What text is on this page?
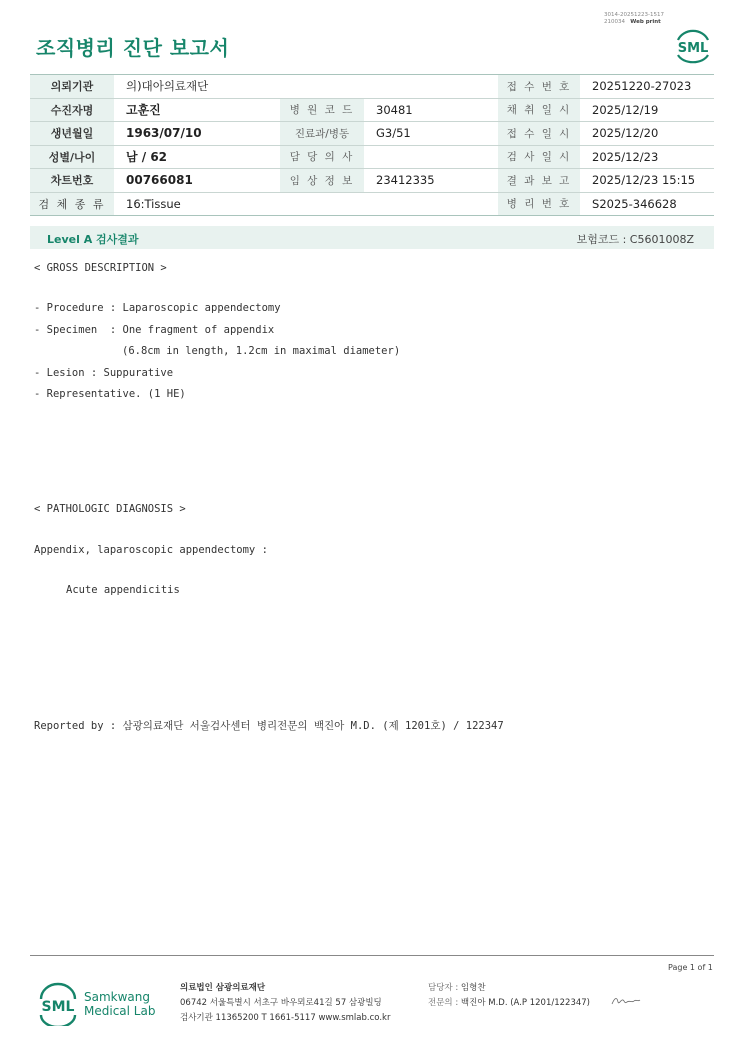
3014-20251223-1517
210034 Web print
조직병리 진단 보고서	SML
의뢰기관	의)대아의료재단			접 수 번 호	20251220-27023
수진자명	고훈진	병 원 코 드	30481	채 취 일 시	2025/12/19
생년월일	1963/07/10	진료과/병동	G3/51	접 수 일 시	2025/12/20
성별/나이	남 / 62	담 당 의 사		검 사 일 시	2025/12/23
차트번호	00766081	임 상 정 보	23412335	결 과 보 고	2025/12/23 15:15
검 체 종 류	16:Tissue			병 리 번 호	S2025-346628
Level A 검사결과	보험코드 : C5601008Z
< GROSS DESCRIPTION >
- Procedure : Laparoscopic appendectomy
- Specimen  : One fragment of appendix
(6.8cm in length, 1.2cm in maximal diameter)
- Lesion : Suppurative
- Representative. (1 HE)
< PATHOLOGIC DIAGNOSIS >
Appendix, laparoscopic appendectomy :
Acute appendicitis
Reported by : 삼광의료재단 서울검사센터 병리전문의 백진아 M.D. (제 1201호) / 122347
Page 1 of 1
SML
Samkwang
Medical Lab
의료법인 삼광의료재단
06742 서울특별시 서초구 바우뫼로41길 57 삼광빌딩
검사기관 11365200 T 1661-5117 www.smlab.co.kr
담당자 : 임형찬
전문의 : 백진아 M.D. (A.P 1201/122347)
